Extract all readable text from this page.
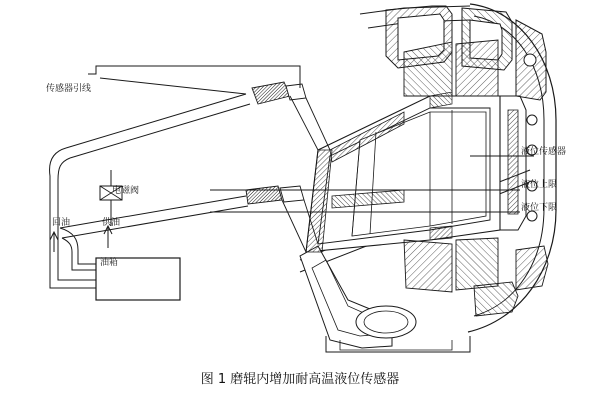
传感器引线
回油	供油
电磁阀
油箱
液位传感器
液位上限
液位下限
图 1 磨辊内增加耐高温液位传感器
